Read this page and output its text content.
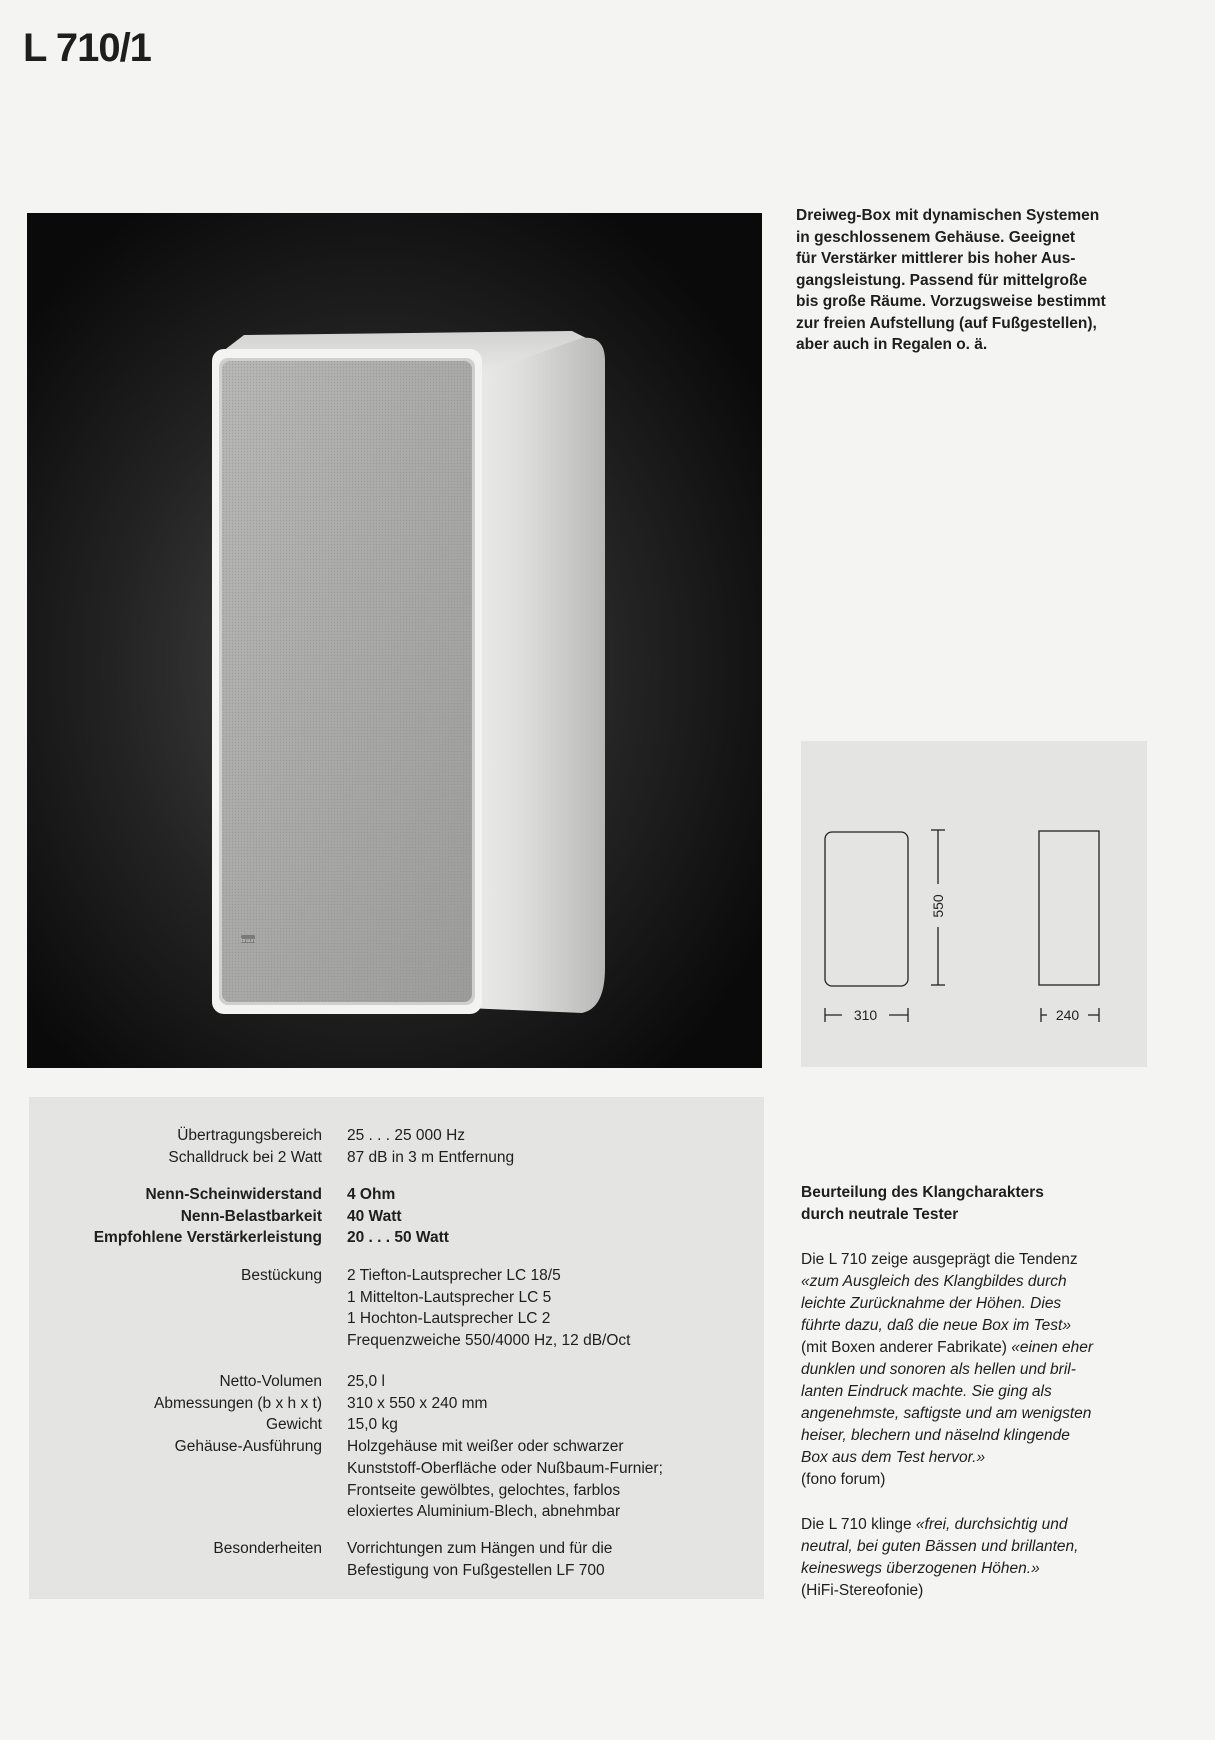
L 710/1
braun
Dreiweg-Box mit dynamischen Systemen
in geschlossenem Gehäuse. Geeignet
für Verstärker mittlerer bis hoher Aus-
gangsleistung. Passend für mittelgroße
bis große Räume. Vorzugsweise bestimmt
zur freien Aufstellung (auf Fußgestellen),
aber auch in Regalen o. ä.
310	240
550
Übertragungsbereich
Schalldruck bei 2 Watt
25 . . . 25 000 Hz
87 dB in 3 m Entfernung
Nenn-Scheinwiderstand
Nenn-Belastbarkeit
Empfohlene Verstärkerleistung
4 Ohm
40 Watt
20 . . . 50 Watt
Bestückung 2 Tiefton-Lautsprecher LC 18/5
1 Mittelton-Lautsprecher LC 5
1 Hochton-Lautsprecher LC 2
Frequenzweiche 550/4000 Hz, 12 dB/Oct
Netto-Volumen
Abmessungen (b x h x t)
Gewicht
Gehäuse-Ausführung
25,0 l
310 x 550 x 240 mm
15,0 kg
Holzgehäuse mit weißer oder schwarzer
Kunststoff-Oberfläche oder Nußbaum-Furnier;
Frontseite gewölbtes, gelochtes, farblos
eloxiertes Aluminium-Blech, abnehmbar
Besonderheiten Vorrichtungen zum Hängen und für die
Befestigung von Fußgestellen LF 700
Beurteilung des Klangcharakters
durch neutrale Tester
Die L 710 zeige ausgeprägt die Tendenz
«zum Ausgleich des Klangbildes durch
leichte Zurücknahme der Höhen. Dies
führte dazu, daß die neue Box im Test»
(mit Boxen anderer Fabrikate) «einen eher
dunklen und sonoren als hellen und bril-
lanten Eindruck machte. Sie ging als
angenehmste, saftigste und am wenigsten
heiser, blechern und näselnd klingende
Box aus dem Test hervor.»
(fono forum)
Die L 710 klinge «frei, durchsichtig und
neutral, bei guten Bässen und brillanten,
keineswegs überzogenen Höhen.»
(HiFi-Stereofonie)
